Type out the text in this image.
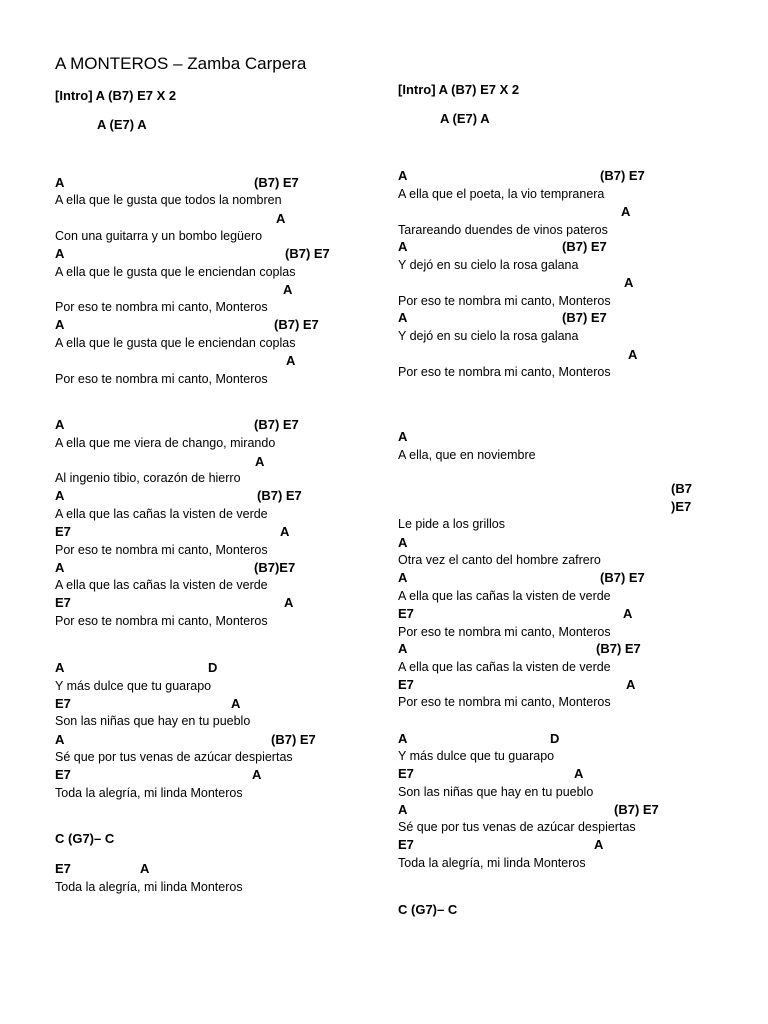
A MONTEROS – Zamba Carpera
[Intro] A (B7) E7 X 2
A (E7) A
A	(B7) E7
A ella que le gusta que todos la nombren
A
Con una guitarra y un bombo legüero
A	(B7) E7
A ella que le gusta que le enciendan coplas
A
Por eso te nombra mi canto, Monteros
A	(B7) E7
A ella que le gusta que le enciendan coplas
A
Por eso te nombra mi canto, Monteros
A	(B7) E7
A ella que me viera de chango, mirando
A
Al ingenio tibio, corazón de hierro
A	(B7) E7
A ella que las cañas la visten de verde
E7	A
Por eso te nombra mi canto, Monteros
A	(B7)E7
A ella que las cañas la visten de verde
E7	A
Por eso te nombra mi canto, Monteros
A	D
Y más dulce que tu guarapo
E7	A
Son las niñas que hay en tu pueblo
A	(B7) E7
Sé que por tus venas de azúcar despiertas
E7	A
Toda la alegría, mi linda Monteros
C (G7)– C
E7	A
Toda la alegría, mi linda Monteros
[Intro] A (B7) E7 X 2
A (E7) A
A	(B7) E7
A ella que el poeta, la vio tempranera
A
Tarareando duendes de vinos pateros
A	(B7) E7
Y dejó en su cielo la rosa galana
A
Por eso te nombra mi canto, Monteros
A	(B7) E7
Y dejó en su cielo la rosa galana
A
Por eso te nombra mi canto, Monteros
A
A ella, que en noviembre
(B7
)E7
Le pide a los grillos
A
Otra vez el canto del hombre zafrero
A	(B7) E7
A ella que las cañas la visten de verde
E7	A
Por eso te nombra mi canto, Monteros
A	(B7) E7
A ella que las cañas la visten de verde
E7	A
Por eso te nombra mi canto, Monteros
A	D
Y más dulce que tu guarapo
E7	A
Son las niñas que hay en tu pueblo
A	(B7) E7
Sé que por tus venas de azúcar despiertas
E7	A
Toda la alegría, mi linda Monteros
C (G7)– C
